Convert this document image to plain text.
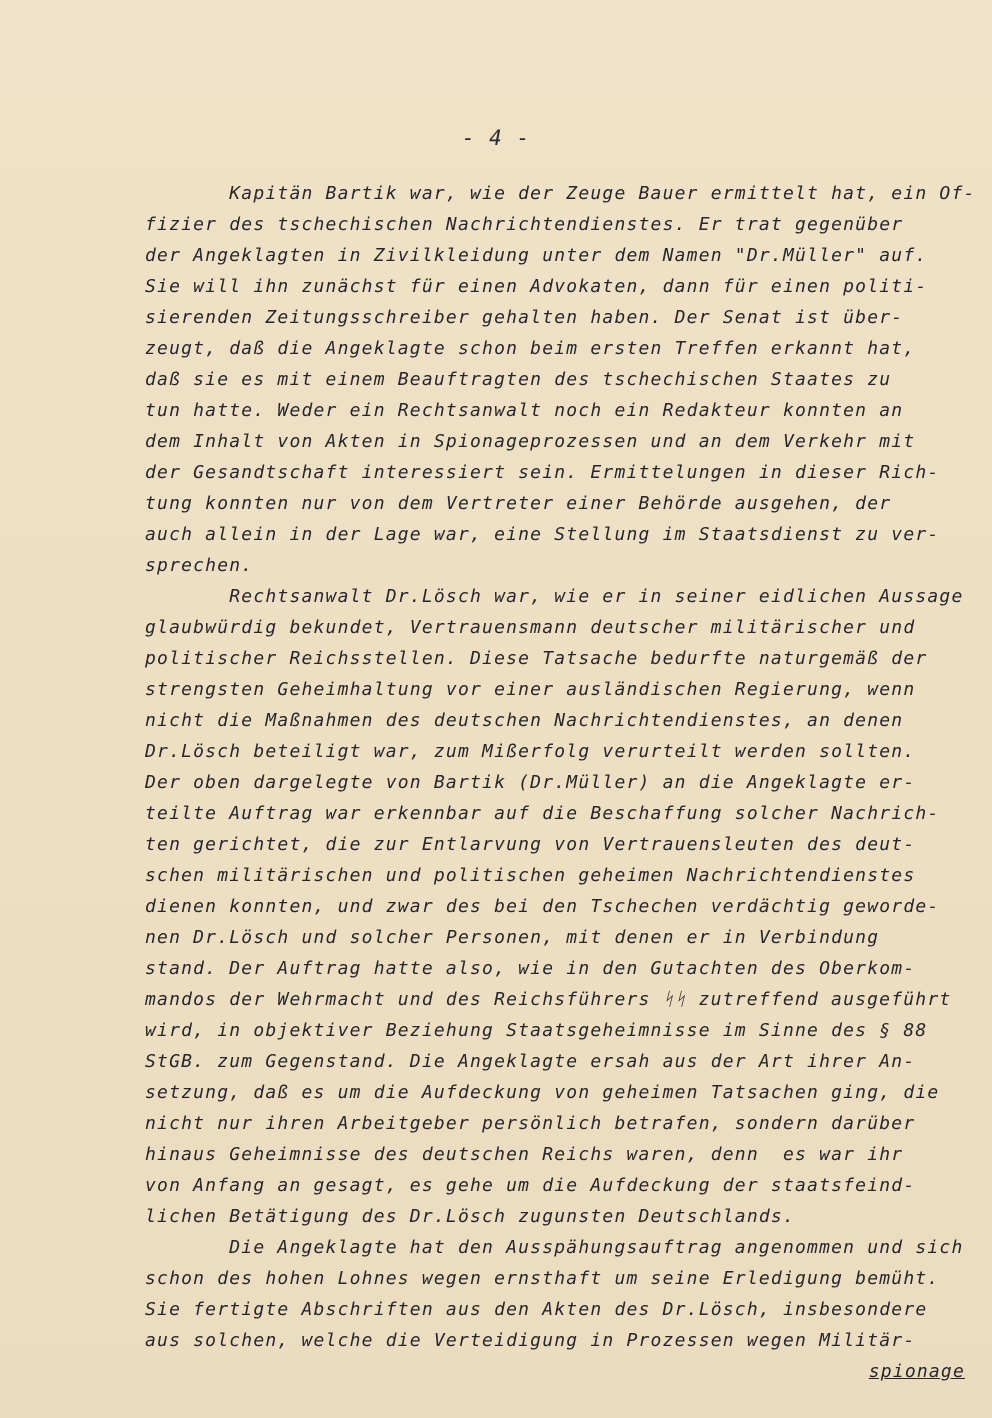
- 4 -
Kapitän Bartik war, wie der Zeuge Bauer ermittelt hat, ein Of-
fizier des tschechischen Nachrichtendienstes. Er trat gegenüber
der Angeklagten in Zivilkleidung unter dem Namen "Dr.Müller" auf.
Sie will ihn zunächst für einen Advokaten, dann für einen politi-
sierenden Zeitungsschreiber gehalten haben. Der Senat ist über-
zeugt, daß die Angeklagte schon beim ersten Treffen erkannt hat,
daß sie es mit einem Beauftragten des tschechischen Staates zu
tun hatte. Weder ein Rechtsanwalt noch ein Redakteur konnten an
dem Inhalt von Akten in Spionageprozessen und an dem Verkehr mit
der Gesandtschaft interessiert sein. Ermittelungen in dieser Rich-
tung konnten nur von dem Vertreter einer Behörde ausgehen, der
auch allein in der Lage war, eine Stellung im Staatsdienst zu ver-
sprechen.
Rechtsanwalt Dr.Lösch war, wie er in seiner eidlichen Aussage
glaubwürdig bekundet, Vertrauensmann deutscher militärischer und
politischer Reichsstellen. Diese Tatsache bedurfte naturgemäß der
strengsten Geheimhaltung vor einer ausländischen Regierung, wenn
nicht die Maßnahmen des deutschen Nachrichtendienstes, an denen
Dr.Lösch beteiligt war, zum Mißerfolg verurteilt werden sollten.
Der oben dargelegte von Bartik (Dr.Müller) an die Angeklagte er-
teilte Auftrag war erkennbar auf die Beschaffung solcher Nachrich-
ten gerichtet, die zur Entlarvung von Vertrauensleuten des deut-
schen militärischen und politischen geheimen Nachrichtendienstes
dienen konnten, und zwar des bei den Tschechen verdächtig geworde-
nen Dr.Lösch und solcher Personen, mit denen er in Verbindung
stand. Der Auftrag hatte also, wie in den Gutachten des Oberkom-
mandos der Wehrmacht und des Reichsführers ᛋᛋ zutreffend ausgeführt
wird, in objektiver Beziehung Staatsgeheimnisse im Sinne des § 88
StGB. zum Gegenstand. Die Angeklagte ersah aus der Art ihrer An-
setzung, daß es um die Aufdeckung von geheimen Tatsachen ging, die
nicht nur ihren Arbeitgeber persönlich betrafen, sondern darüber
hinaus Geheimnisse des deutschen Reichs waren, denn  es war ihr
von Anfang an gesagt, es gehe um die Aufdeckung der staatsfeind-
lichen Betätigung des Dr.Lösch zugunsten Deutschlands.
Die Angeklagte hat den Ausspähungsauftrag angenommen und sich
schon des hohen Lohnes wegen ernsthaft um seine Erledigung bemüht.
Sie fertigte Abschriften aus den Akten des Dr.Lösch, insbesondere
aus solchen, welche die Verteidigung in Prozessen wegen Militär-
spionage
